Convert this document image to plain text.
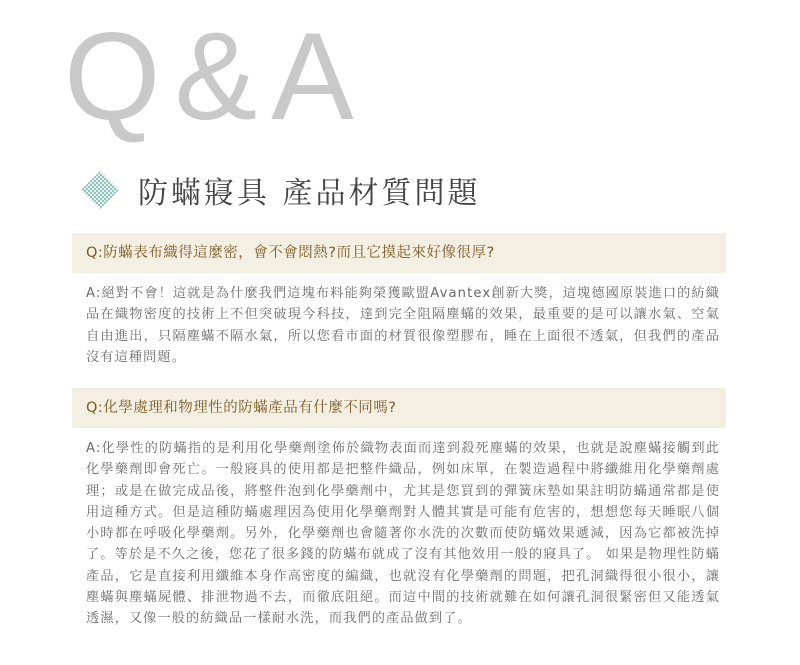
Q&A
防蟎寢具 產品材質問題
Q:防蟎表布織得這麼密，會不會悶熱?而且它摸起來好像很厚?
A:絕對不會！這就是為什麼我們這塊布料能夠榮獲歐盟Avantex創新大獎，這塊德國原裝進口的紡織品在織物密度的技術上不但突破現今科技，達到完全阻隔塵蟎的效果，最重要的是可以讓水氣、空氣自由進出，只隔塵蟎不隔水氣，所以您看市面的材質很像塑膠布，睡在上面很不透氣，但我們的產品沒有這種問題。
Q:化學處理和物理性的防蟎產品有什麼不同嗎?
A:化學性的防蟎指的是利用化學藥劑塗佈於織物表面而達到殺死塵蟎的效果，也就是說塵蟎接觸到此化學藥劑即會死亡。一般寢具的使用都是把整件織品，例如床單，在製造過程中將纖維用化學藥劑處理；或是在做完成品後，將整件泡到化學藥劑中，尤其是您買到的彈簧床墊如果註明防蟎通常都是使用這種方式。但是這種防蟎處理因為使用化學藥劑對人體其實是可能有危害的，想想您每天睡眠八個小時都在呼吸化學藥劑。另外，化學藥劑也會隨著你水洗的次數而使防蟎效果遞減，因為它都被洗掉了。等於是不久之後，您花了很多錢的防蟎布就成了沒有其他效用一般的寢具了。 如果是物理性防蟎產品，它是直接利用纖維本身作高密度的編織，也就沒有化學藥劑的問題，把孔洞織得很小很小，讓塵蟎與塵蟎屍體、排泄物過不去，而徹底阻絕。而這中間的技術就難在如何讓孔洞很緊密但又能透氣透濕，又像一般的紡織品一樣耐水洗，而我們的產品做到了。
